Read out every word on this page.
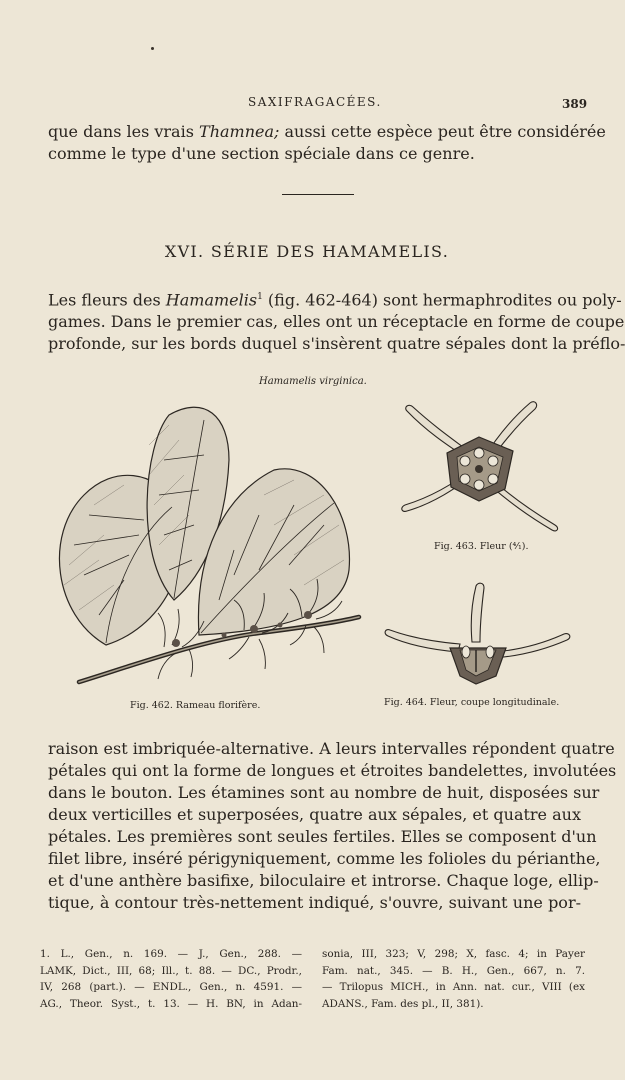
SAXIFRAGACÉES.	389

que dans les vrais Thamnea; aussi cette espèce peut être considérée
comme le type d'une section spéciale dans ce genre.

XVI. SÉRIE DES HAMAMELIS.

Les fleurs des Hamamelis$^1$ (fig. 462-464) sont hermaphrodites ou poly-
games. Dans le premier cas, elles ont un réceptacle en forme de coupe
profonde, sur les bords duquel s'insèrent quatre sépales dont la préflo-

Hamamelis virginica.
Fig. 462. Rameau florifère.
Fig. 463. Fleur (⁴⁄₁).
Fig. 464. Fleur, coupe longitudinale.

raison est imbriquée-alternative. A leurs intervalles répondent quatre
pétales qui ont la forme de longues et étroites bandelettes, involutées
dans le bouton. Les étamines sont au nombre de huit, disposées sur
deux verticilles et superposées, quatre aux sépales, et quatre aux
pétales. Les premières sont seules fertiles. Elles se composent d'un
filet libre, inséré périgyniquement, comme les folioles du périanthe,
et d'une anthère basifixe, biloculaire et introrse. Chaque loge, ellip-
tique, à contour très-nettement indiqué, s'ouvre, suivant une por-

1. L., Gen., n. 169. — J., Gen., 288. —
LAMK, Dict., III, 68; Ill., t. 88. — DC., Prodr.,
IV, 268 (part.). — ENDL., Gen., n. 4591. —
AG., Theor. Syst., t. 13. — H. BN, in Adan-
sonia, III, 323; V, 298; X, fasc. 4; in Payer
Fam. nat., 345. — B. H., Gen., 667, n. 7.
— Trilopus MICH., in Ann. nat. cur., VIII (ex
ADANS., Fam. des pl., II, 381).
